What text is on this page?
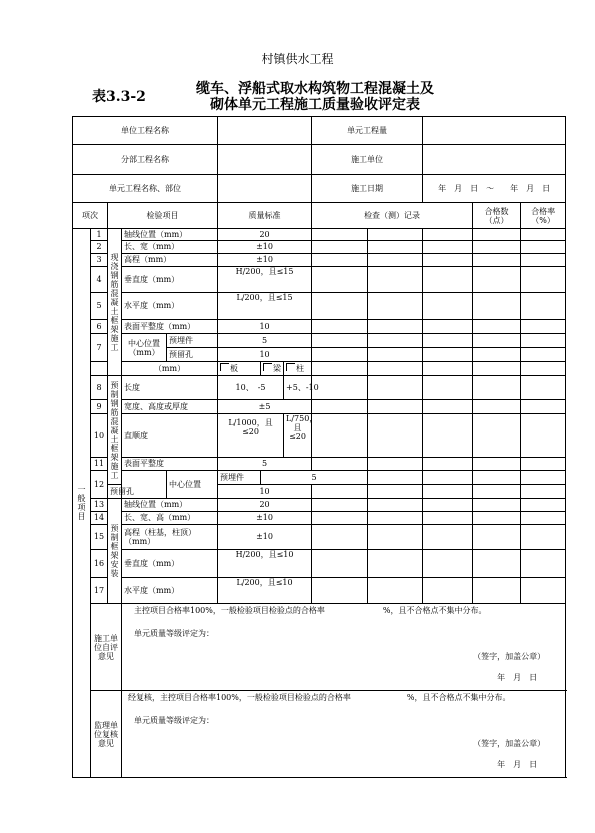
村镇供水工程
表3.3-2	缆车、浮船式取水构筑物工程混凝土及
砌体单元工程施工质量验收评定表
单位工程名称								单元工程量					
分部工程名称								施工单位					
单元工程名称、部位								施工日期		年　月　日　～　　年　月　日			
项次		检验项目			质量标准			检查（测）记录			合格数（点）	合格率（%）	
一般项目	1	现浇钢筋混凝土框架施工	轴线位置（mm）		20								
	2		长、宽（mm）		±10								
	3		高程（mm）		±10								
	4		垂直度（mm）		H/200，且≤15								
	5		水平度（mm）		L/200，且≤15								
	6		表面平整度（mm）		10								
	7		中心位置（mm）	预埋件	5								
				预留孔	10								
			（mm）		板	梁	柱						
	8	预制钢筋混凝土框架施工	长度		10、　-5		+5、-10						
	9		宽度、高度或厚度		±5								
	10		直顺度		L/1000，且≤20		L/750，且≤20						
	11		表面平整度		5								
	12			中心位置	预埋件	5							
		预留孔			10								
	13	预制框架安装	轴线位置（mm）		20								
	14		长、宽、高（mm）		±10								
	15		高程（柱基，柱顶）（mm）		±10								
	16		垂直度（mm）		H/200，且≤10								
	17		水平度（mm）		L/200，且≤10								
	施工单位自评意见		主控项目合格率100%，一般检验项目检验点的合格率 %，且不合格点不集中分布。
单元质量等级评定为：
（签字，加盖公章）
年　月　日										

	监理单位复核意见		经复核，主控项目合格率100%，一般检验项目检验点的合格率 %，且不合格点不集中分布。
单元质量等级评定为：
（签字，加盖公章）
年　月　日										
